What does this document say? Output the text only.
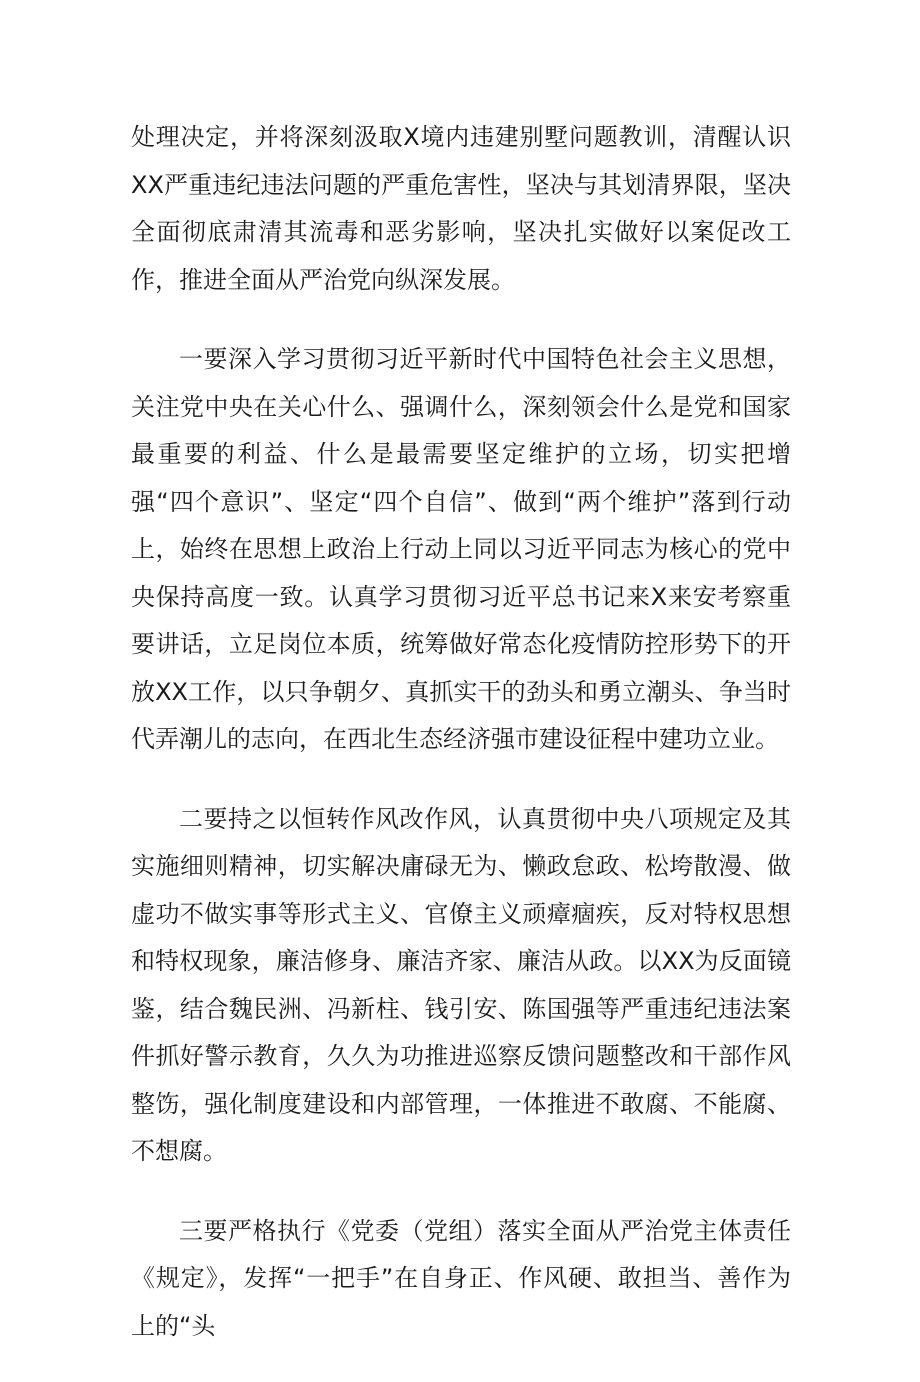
处理决定，并将深刻汲取X境内违建别墅问题教训，清醒认识XX严重违纪违法问题的严重危害性，坚决与其划清界限，坚决全面彻底肃清其流毒和恶劣影响，坚决扎实做好以案促改工作，推进全面从严治党向纵深发展。

一要深入学习贯彻习近平新时代中国特色社会主义思想，关注党中央在关心什么、强调什么，深刻领会什么是党和国家最重要的利益、什么是最需要坚定维护的立场，切实把增强“四个意识”、坚定“四个自信”、做到“两个维护”落到行动上，始终在思想上政治上行动上同以习近平同志为核心的党中央保持高度一致。认真学习贯彻习近平总书记来X来安考察重要讲话，立足岗位本质，统筹做好常态化疫情防控形势下的开放XX工作，以只争朝夕、真抓实干的劲头和勇立潮头、争当时代弄潮儿的志向，在西北生态经济强市建设征程中建功立业。

二要持之以恒转作风改作风，认真贯彻中央八项规定及其实施细则精神，切实解决庸碌无为、懒政怠政、松垮散漫、做虚功不做实事等形式主义、官僚主义顽瘴痼疾，反对特权思想和特权现象，廉洁修身、廉洁齐家、廉洁从政。以XX为反面镜鉴，结合魏民洲、冯新柱、钱引安、陈国强等严重违纪违法案件抓好警示教育，久久为功推进巡察反馈问题整改和干部作风整饬，强化制度建设和内部管理，一体推进不敢腐、不能腐、不想腐。

三要严格执行《党委（党组）落实全面从严治党主体责任《规定》，发挥“一把手”在自身正、作风硬、敢担当、善作为上的“头
